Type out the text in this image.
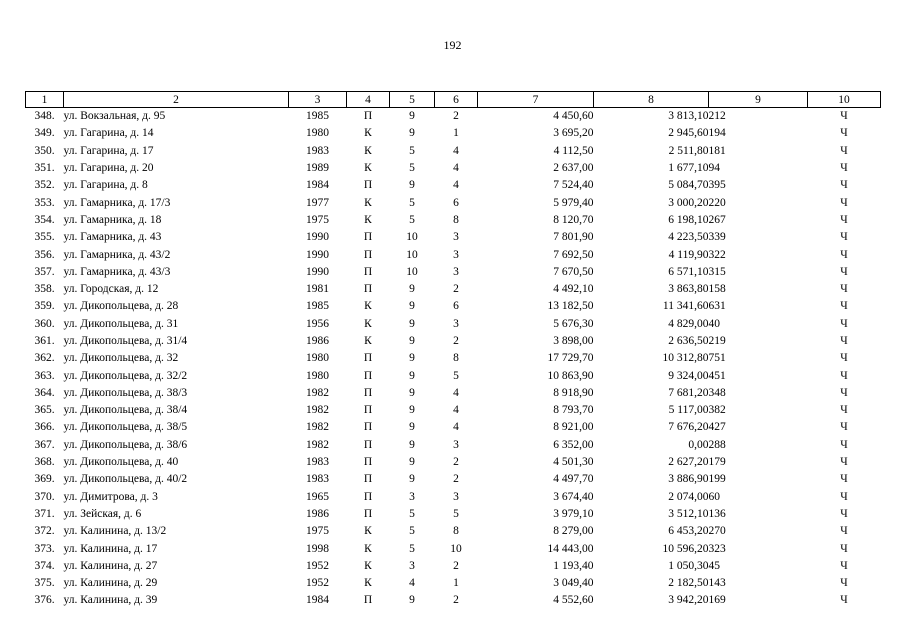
192
1	2	3	4	5	6	7	8	9	10
348.	ул. Вокзальная, д. 95	1985	П	9	2	4 450,60	3 813,10	212	Ч
349.	ул. Гагарина, д. 14	1980	К	9	1	3 695,20	2 945,60	194	Ч
350.	ул. Гагарина, д. 17	1983	К	5	4	4 112,50	2 511,80	181	Ч
351.	ул. Гагарина, д. 20	1989	К	5	4	2 637,00	1 677,10	94	Ч
352.	ул. Гагарина, д. 8	1984	П	9	4	7 524,40	5 084,70	395	Ч
353.	ул. Гамарника, д. 17/3	1977	К	5	6	5 979,40	3 000,20	220	Ч
354.	ул. Гамарника, д. 18	1975	К	5	8	8 120,70	6 198,10	267	Ч
355.	ул. Гамарника, д. 43	1990	П	10	3	7 801,90	4 223,50	339	Ч
356.	ул. Гамарника, д. 43/2	1990	П	10	3	7 692,50	4 119,90	322	Ч
357.	ул. Гамарника, д. 43/3	1990	П	10	3	7 670,50	6 571,10	315	Ч
358.	ул. Городская, д. 12	1981	П	9	2	4 492,10	3 863,80	158	Ч
359.	ул. Дикопольцева, д. 28	1985	К	9	6	13 182,50	11 341,60	631	Ч
360.	ул. Дикопольцева, д. 31	1956	К	9	3	5 676,30	4 829,00	40	Ч
361.	ул. Дикопольцева, д. 31/4	1986	К	9	2	3 898,00	2 636,50	219	Ч
362.	ул. Дикопольцева, д. 32	1980	П	9	8	17 729,70	10 312,80	751	Ч
363.	ул. Дикопольцева, д. 32/2	1980	П	9	5	10 863,90	9 324,00	451	Ч
364.	ул. Дикопольцева, д. 38/3	1982	П	9	4	8 918,90	7 681,20	348	Ч
365.	ул. Дикопольцева, д. 38/4	1982	П	9	4	8 793,70	5 117,00	382	Ч
366.	ул. Дикопольцева, д. 38/5	1982	П	9	4	8 921,00	7 676,20	427	Ч
367.	ул. Дикопольцева, д. 38/6	1982	П	9	3	6 352,00	0,00	288	Ч
368.	ул. Дикопольцева, д. 40	1983	П	9	2	4 501,30	2 627,20	179	Ч
369.	ул. Дикопольцева, д. 40/2	1983	П	9	2	4 497,70	3 886,90	199	Ч
370.	ул. Димитрова, д. 3	1965	П	3	3	3 674,40	2 074,00	60	Ч
371.	ул. Зейская, д. 6	1986	П	5	5	3 979,10	3 512,10	136	Ч
372.	ул. Калинина, д. 13/2	1975	К	5	8	8 279,00	6 453,20	270	Ч
373.	ул. Калинина, д. 17	1998	К	5	10	14 443,00	10 596,20	323	Ч
374.	ул. Калинина, д. 27	1952	К	3	2	1 193,40	1 050,30	45	Ч
375.	ул. Калинина, д. 29	1952	К	4	1	3 049,40	2 182,50	143	Ч
376.	ул. Калинина, д. 39	1984	П	9	2	4 552,60	3 942,20	169	Ч
